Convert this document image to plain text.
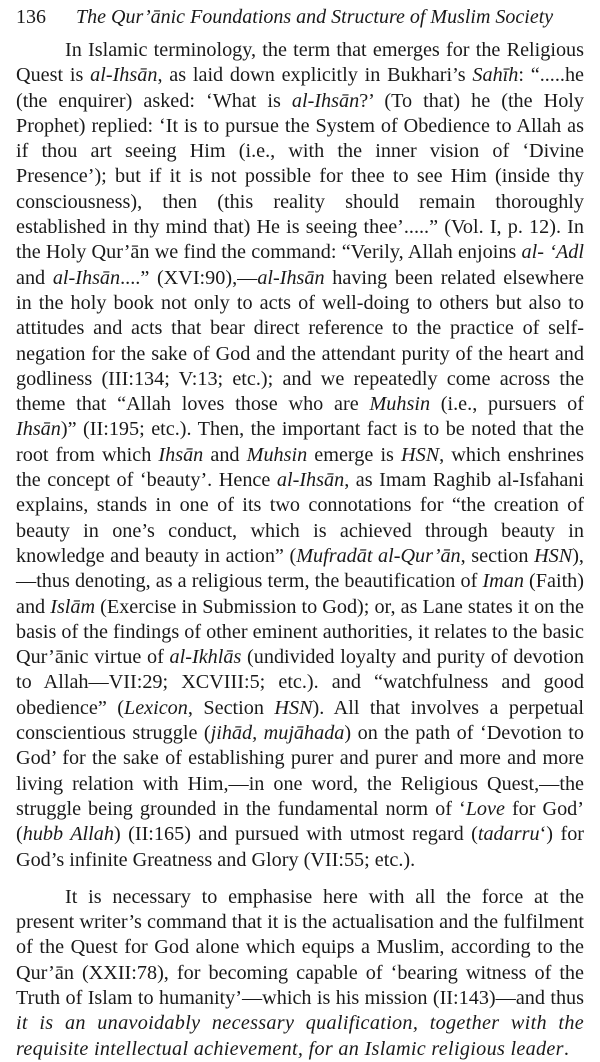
136	The Qur’ānic Foundations and Structure of Muslim Society

In Islamic terminology, the term that emerges for the Religious Quest is al-Ihsān, as laid down explicitly in Bukhari’s Sahīh: “.....he (the enquirer) asked: ‘What is al-Ihsān?’ (To that) he (the Holy Prophet) replied: ‘It is to pursue the System of Obedience to Allah as if thou art seeing Him (i.e., with the inner vision of ‘Divine Presence’); but if it is not possible for thee to see Him (inside thy consciousness), then (this reality should remain thoroughly established in thy mind that) He is seeing thee’.....” (Vol. I, p. 12). In the Holy Qur’ān we find the command: “Verily, Allah enjoins al- ‘Adl and al-Ihsān....” (XVI:90),—al-Ihsān having been related elsewhere in the holy book not only to acts of well-doing to others but also to attitudes and acts that bear direct reference to the practice of self-negation for the sake of God and the attendant purity of the heart and godliness (III:134; V:13; etc.); and we repeatedly come across the theme that “Allah loves those who are Muhsin (i.e., pursuers of Ihsān)” (II:195; etc.). Then, the important fact is to be noted that the root from which Ihsān and Muhsin emerge is HSN, which enshrines the concept of ‘beauty’. Hence al-Ihsān, as Imam Raghib al-Isfahani explains, stands in one of its two connotations for “the creation of beauty in one’s conduct, which is achieved through beauty in knowledge and beauty in action” (Mufradāt al-Qur’ān, section HSN),—thus denoting, as a religious term, the beautification of Iman (Faith) and Islām (Exercise in Submission to God); or, as Lane states it on the basis of the findings of other eminent authorities, it relates to the basic Qur’ānic virtue of al-Ikhlās (undivided loyalty and purity of devotion to Allah—VII:29; XCVIII:5; etc.). and “watchfulness and good obedience” (Lexicon, Section HSN). All that involves a perpetual conscientious struggle (jihād, mujāhada) on the path of ‘Devotion to God’ for the sake of establishing purer and purer and more and more living relation with Him,—in one word, the Religious Quest,—the struggle being grounded in the fundamental norm of ‘Love for God’ (hubb Allah) (II:165) and pursued with utmost regard (tadarru‘) for God’s infinite Greatness and Glory (VII:55; etc.).

It is necessary to emphasise here with all the force at the present writer’s command that it is the actualisation and the fulfilment of the Quest for God alone which equips a Muslim, according to the Qur’ān (XXII:78), for becoming capable of ‘bearing witness of the Truth of Islam to humanity’—which is his mission (II:143)—and thus it is an unavoidably necessary qualification, together with the requisite intellectual achievement, for an Islamic religious leader.
